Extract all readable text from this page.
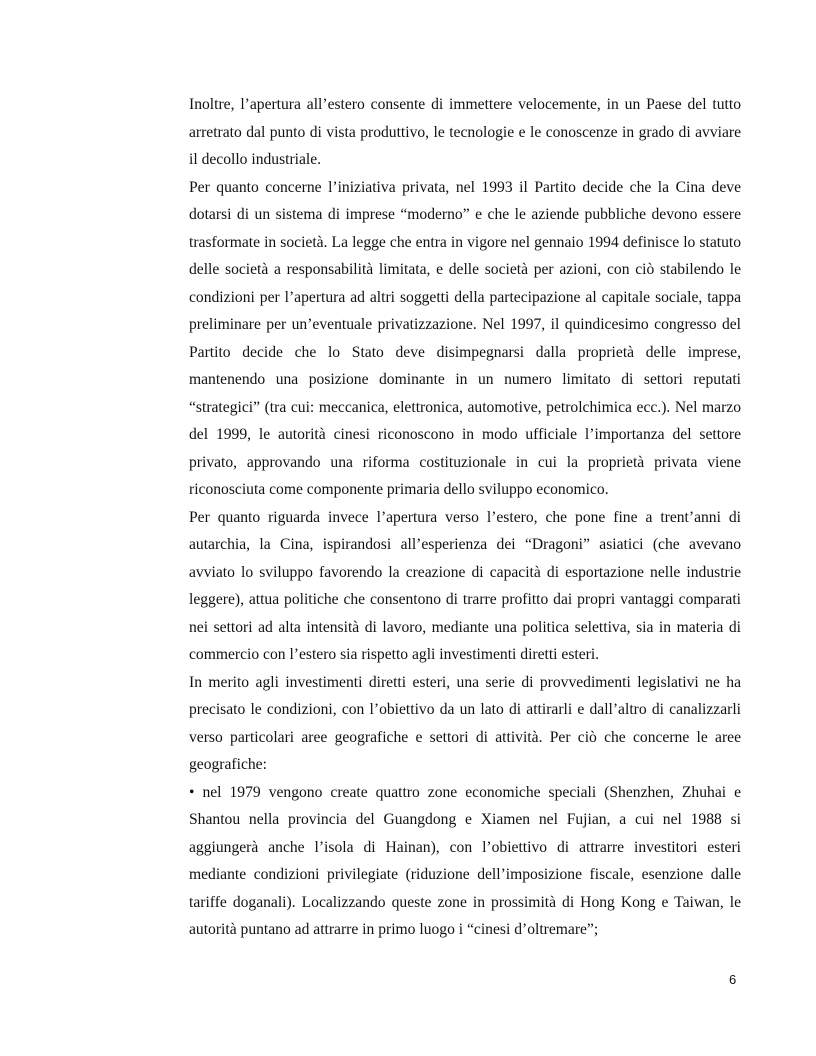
Inoltre, l’apertura all’estero consente di immettere velocemente, in un Paese del tutto arretrato dal punto di vista produttivo, le tecnologie e le conoscenze in grado di avviare il decollo industriale.

Per quanto concerne l’iniziativa privata, nel 1993 il Partito decide che la Cina deve dotarsi di un sistema di imprese “moderno” e che le aziende pubbliche devono essere trasformate in società. La legge che entra in vigore nel gennaio 1994 definisce lo statuto delle società a responsabilità limitata, e delle società per azioni, con ciò stabilendo le condizioni per l’apertura ad altri soggetti della partecipazione al capitale sociale, tappa preliminare per un’eventuale privatizzazione. Nel 1997, il quindicesimo congresso del Partito decide che lo Stato deve disimpegnarsi dalla proprietà delle imprese, mantenendo una posizione dominante in un numero limitato di settori reputati “strategici” (tra cui: meccanica, elettronica, automotive, petrolchimica ecc.). Nel marzo del 1999, le autorità cinesi riconoscono in modo ufficiale l’importanza del settore privato, approvando una riforma costituzionale in cui la proprietà privata viene riconosciuta come componente primaria dello sviluppo economico.

Per quanto riguarda invece l’apertura verso l’estero, che pone fine a trent’anni di autarchia, la Cina, ispirandosi all’esperienza dei “Dragoni” asiatici (che avevano avviato lo sviluppo favorendo la creazione di capacità di esportazione nelle industrie leggere), attua politiche che consentono di trarre profitto dai propri vantaggi comparati nei settori ad alta intensità di lavoro, mediante una politica selettiva, sia in materia di commercio con l’estero sia rispetto agli investimenti diretti esteri.

In merito agli investimenti diretti esteri, una serie di provvedimenti legislativi ne ha precisato le condizioni, con l’obiettivo da un lato di attirarli e dall’altro di canalizzarli verso particolari aree geografiche e settori di attività. Per ciò che concerne le aree geografiche:

• nel 1979 vengono create quattro zone economiche speciali (Shenzhen, Zhuhai e Shantou nella provincia del Guangdong e Xiamen nel Fujian, a cui nel 1988 si aggiungerà anche l’isola di Hainan), con l’obiettivo di attrarre investitori esteri mediante condizioni privilegiate (riduzione dell’imposizione fiscale, esenzione dalle tariffe doganali). Localizzando queste zone in prossimità di Hong Kong e Taiwan, le autorità puntano ad attrarre in primo luogo i “cinesi d’oltremare”;

6
